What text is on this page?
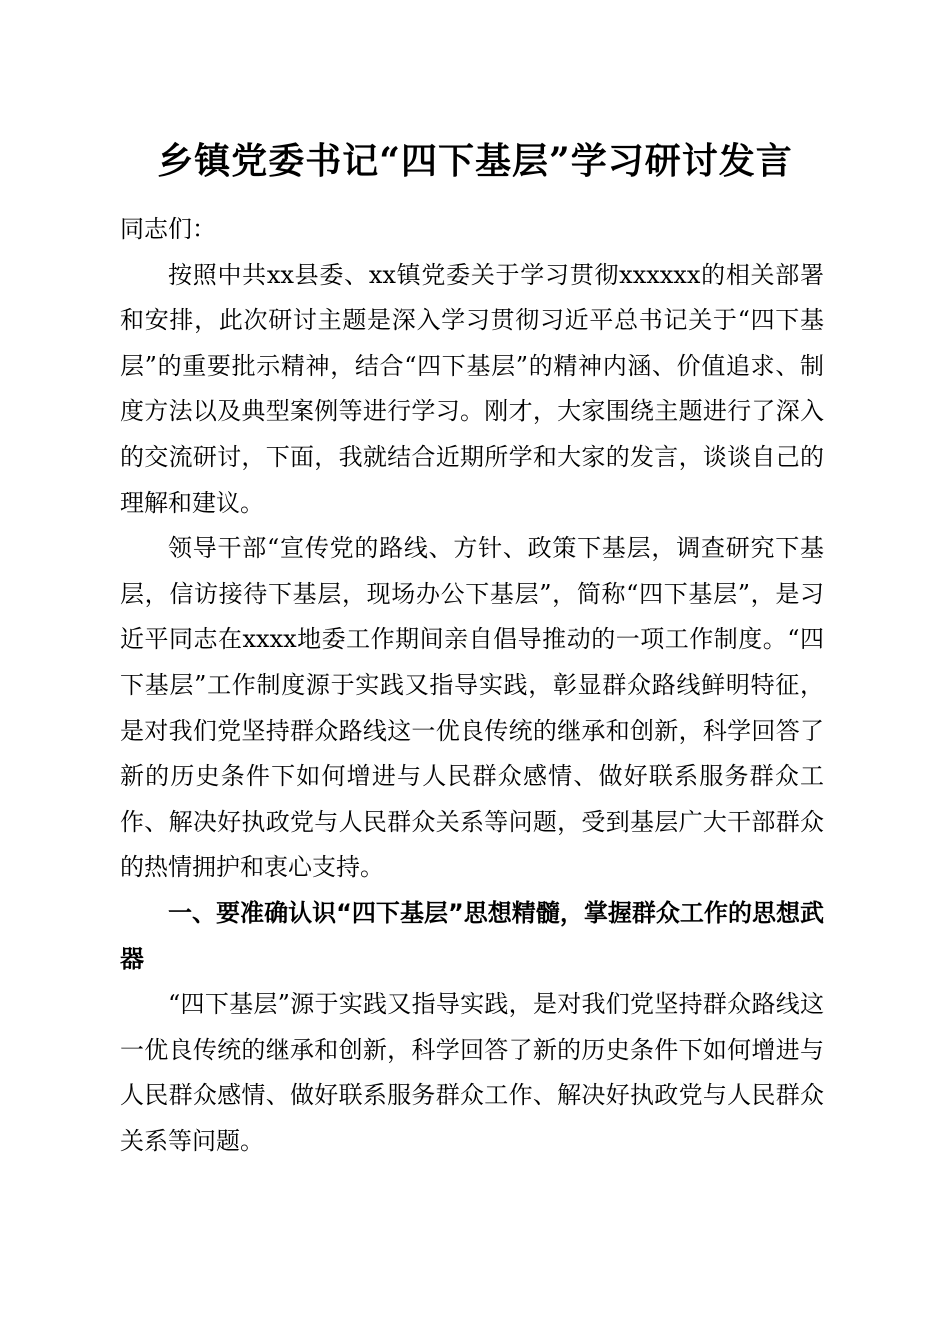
乡镇党委书记“四下基层”学习研讨发言

同志们：

按照中共xx县委、xx镇党委关于学习贯彻xxxxxx的相关部署和安排，此次研讨主题是深入学习贯彻习近平总书记关于“四下基层”的重要批示精神，结合“四下基层”的精神内涵、价值追求、制度方法以及典型案例等进行学习。刚才，大家围绕主题进行了深入的交流研讨，下面，我就结合近期所学和大家的发言，谈谈自己的理解和建议。

领导干部“宣传党的路线、方针、政策下基层，调查研究下基层，信访接待下基层，现场办公下基层”，简称“四下基层”，是习近平同志在xxxx地委工作期间亲自倡导推动的一项工作制度。“四下基层”工作制度源于实践又指导实践，彰显群众路线鲜明特征，是对我们党坚持群众路线这一优良传统的继承和创新，科学回答了新的历史条件下如何增进与人民群众感情、做好联系服务群众工作、解决好执政党与人民群众关系等问题，受到基层广大干部群众的热情拥护和衷心支持。

一、要准确认识“四下基层”思想精髓，掌握群众工作的思想武器

“四下基层”源于实践又指导实践，是对我们党坚持群众路线这一优良传统的继承和创新，科学回答了新的历史条件下如何增进与人民群众感情、做好联系服务群众工作、解决好执政党与人民群众关系等问题。
